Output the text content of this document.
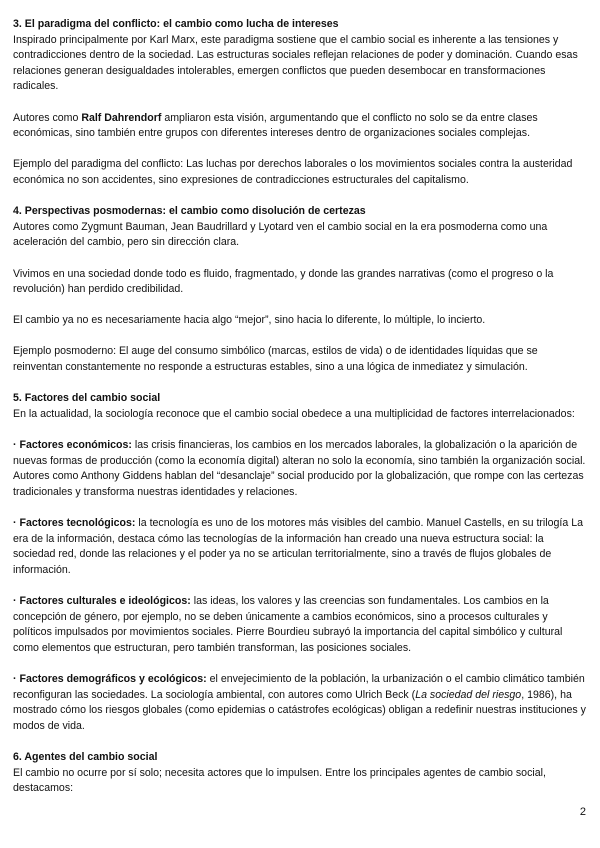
3. El paradigma del conflicto: el cambio como lucha de intereses
Inspirado principalmente por Karl Marx, este paradigma sostiene que el cambio social es inherente a las tensiones y contradicciones dentro de la sociedad. Las estructuras sociales reflejan relaciones de poder y dominación. Cuando esas relaciones generan desigualdades intolerables, emergen conflictos que pueden desembocar en transformaciones radicales.

Autores como Ralf Dahrendorf ampliaron esta visión, argumentando que el conflicto no solo se da entre clases económicas, sino también entre grupos con diferentes intereses dentro de organizaciones sociales complejas.

Ejemplo del paradigma del conflicto: Las luchas por derechos laborales o los movimientos sociales contra la austeridad económica no son accidentes, sino expresiones de contradicciones estructurales del capitalismo.

4. Perspectivas posmodernas: el cambio como disolución de certezas
Autores como Zygmunt Bauman, Jean Baudrillard y Lyotard ven el cambio social en la era posmoderna como una aceleración del cambio, pero sin dirección clara.

Vivimos en una sociedad donde todo es fluido, fragmentado, y donde las grandes narrativas (como el progreso o la revolución) han perdido credibilidad.

El cambio ya no es necesariamente hacia algo “mejor”, sino hacia lo diferente, lo múltiple, lo incierto.

Ejemplo posmoderno: El auge del consumo simbólico (marcas, estilos de vida) o de identidades líquidas que se reinventan constantemente no responde a estructuras estables, sino a una lógica de inmediatez y simulación.

5. Factores del cambio social
En la actualidad, la sociología reconoce que el cambio social obedece a una multiplicidad de factores interrelacionados:

· Factores económicos: las crisis financieras, los cambios en los mercados laborales, la globalización o la aparición de nuevas formas de producción (como la economía digital) alteran no solo la economía, sino también la organización social. Autores como Anthony Giddens hablan del “desanclaje” social producido por la globalización, que rompe con las certezas tradicionales y transforma nuestras identidades y relaciones.

· Factores tecnológicos: la tecnología es uno de los motores más visibles del cambio. Manuel Castells, en su trilogía La era de la información, destaca cómo las tecnologías de la información han creado una nueva estructura social: la sociedad red, donde las relaciones y el poder ya no se articulan territorialmente, sino a través de flujos globales de información.

· Factores culturales e ideológicos: las ideas, los valores y las creencias son fundamentales. Los cambios en la concepción de género, por ejemplo, no se deben únicamente a cambios económicos, sino a procesos culturales y políticos impulsados por movimientos sociales. Pierre Bourdieu subrayó la importancia del capital simbólico y cultural como elementos que estructuran, pero también transforman, las posiciones sociales.

· Factores demográficos y ecológicos: el envejecimiento de la población, la urbanización o el cambio climático también reconfiguran las sociedades. La sociología ambiental, con autores como Ulrich Beck (La sociedad del riesgo, 1986), ha mostrado cómo los riesgos globales (como epidemias o catástrofes ecológicas) obligan a redefinir nuestras instituciones y modos de vida.

6. Agentes del cambio social
El cambio no ocurre por sí solo; necesita actores que lo impulsen. Entre los principales agentes de cambio social, destacamos:

2
